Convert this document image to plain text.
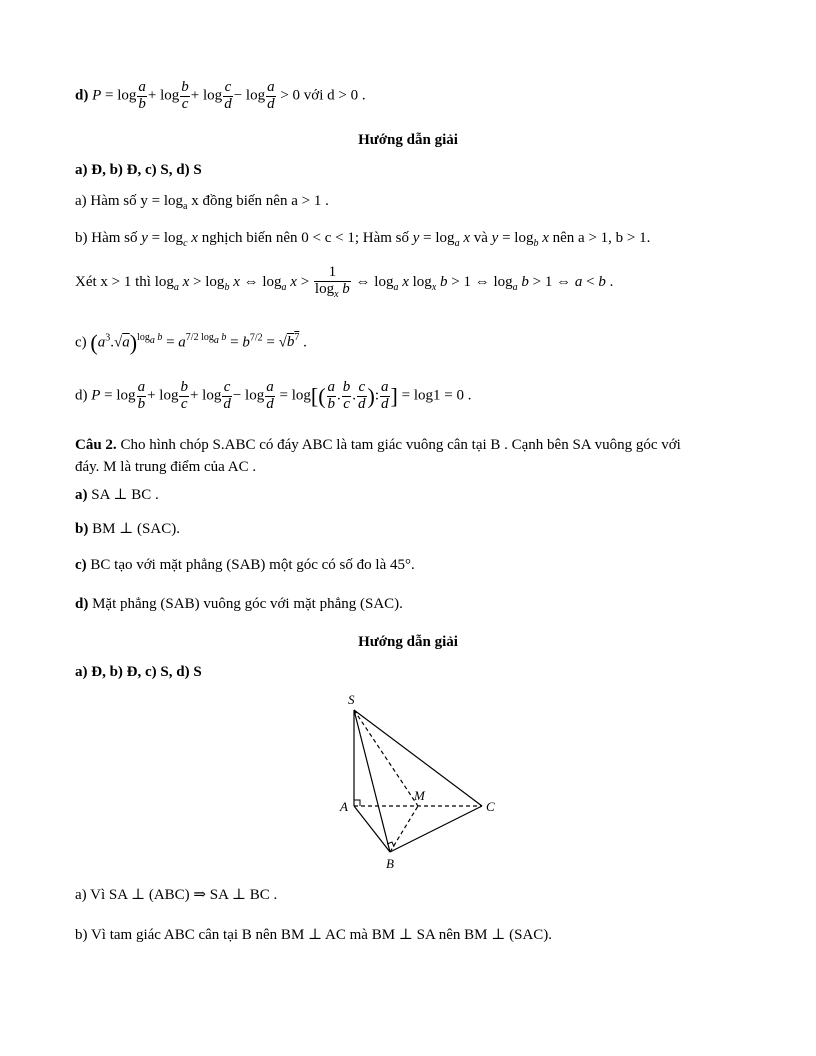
d) $P = \log \frac{a}{b} + \log \frac{b}{c} + \log \frac{c}{d} - \log \frac{a}{d} > 0$ với d > 0 .
Hướng dẫn giải
a) Đ, b) Đ, c) S, d) S
a) Hàm số $y = \log_a x$ đồng biến nên a > 1 .
b) Hàm số $y = \log_c x$ nghịch biến nên 0 < c < 1; Hàm số $y = \log_a x$ và $y = \log_b x$ nên a > 1, b > 1.
Xét x > 1 thì $\log_a x > \log_b x$ ⇔ $\log_a x > \frac{1}{\log_x b}$ ⇔ $\log_a x$ $\log_x b > 1$ ⇔ $\log_a b > 1$ ⇔ a < b .
c) $(a^3.√a)^{log_a b} = a^{7/2 log_a b} = b^{7/2} = √b^7$ .
d) $P = \log \frac{a}{b} + \log \frac{b}{c} + \log \frac{c}{d} - \log \frac{a}{d} = \log[( \frac{a}{b}$ . $\frac{b}{c}$ . $\frac{c}{d}$ ): $\frac{a}{d}$ ] = log1 = 0 .
Câu 2. Cho hình chóp S.ABC có đáy ABC là tam giác vuông cân tại B . Cạnh bên SA vuông góc với
đáy. M là trung điểm của AC .
a) SA ⊥ BC .
b) BM ⊥ (SAC).
c) BC tạo với mặt phẳng (SAB) một góc có số đo là 45°.
d) Mặt phẳng (SAB) vuông góc với mặt phẳng (SAC).
Hướng dẫn giải
a) Đ, b) Đ, c) S, d) S
S
A
M
C
B
a) Vì SA ⊥ (ABC) ⇒ SA ⊥ BC .
b) Vì tam giác ABC cân tại B nên BM ⊥ AC mà BM ⊥ SA nên BM ⊥ (SAC).
